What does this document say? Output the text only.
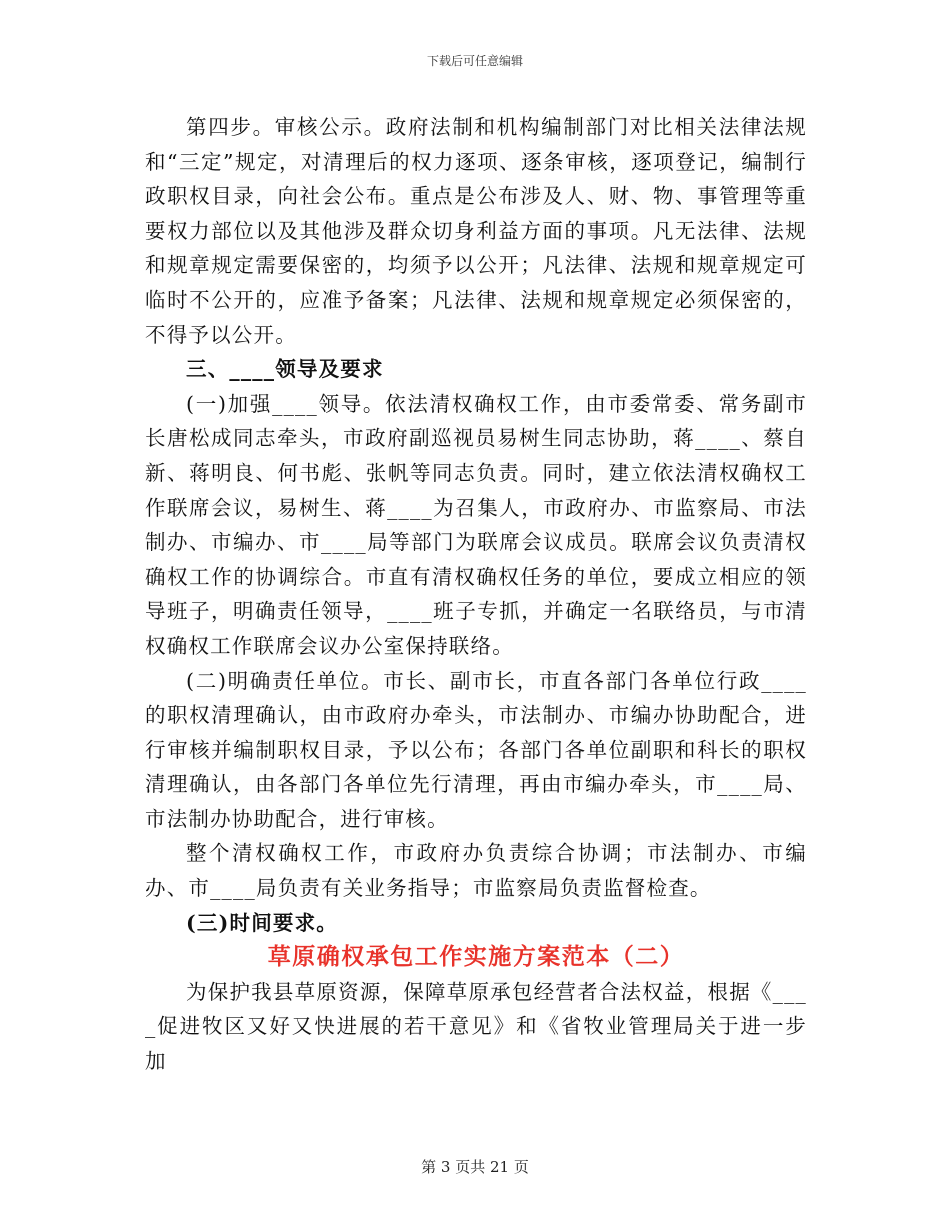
下载后可任意编辑

第四步。审核公示。政府法制和机构编制部门对比相关法律法规和“三定”规定，对清理后的权力逐项、逐条审核，逐项登记，编制行政职权目录，向社会公布。重点是公布涉及人、财、物、事管理等重要权力部位以及其他涉及群众切身利益方面的事项。凡无法律、法规和规章规定需要保密的，均须予以公开；凡法律、法规和规章规定可临时不公开的，应准予备案；凡法律、法规和规章规定必须保密的，不得予以公开。

三、____领导及要求

(一)加强____领导。依法清权确权工作，由市委常委、常务副市长唐松成同志牵头，市政府副巡视员易树生同志协助，蒋____、蔡自新、蒋明良、何书彪、张帆等同志负责。同时，建立依法清权确权工作联席会议，易树生、蒋____为召集人，市政府办、市监察局、市法制办、市编办、市____局等部门为联席会议成员。联席会议负责清权确权工作的协调综合。市直有清权确权任务的单位，要成立相应的领导班子，明确责任领导，____班子专抓，并确定一名联络员，与市清权确权工作联席会议办公室保持联络。

(二)明确责任单位。市长、副市长，市直各部门各单位行政____的职权清理确认，由市政府办牵头，市法制办、市编办协助配合，进行审核并编制职权目录，予以公布；各部门各单位副职和科长的职权清理确认，由各部门各单位先行清理，再由市编办牵头，市____局、市法制办协助配合，进行审核。

整个清权确权工作，市政府办负责综合协调；市法制办、市编办、市____局负责有关业务指导；市监察局负责监督检查。

(三)时间要求。

草原确权承包工作实施方案范本（二）

为保护我县草原资源，保障草原承包经营者合法权益，根据《____促进牧区又好又快进展的若干意见》和《省牧业管理局关于进一步加

第 3 页共 21 页
